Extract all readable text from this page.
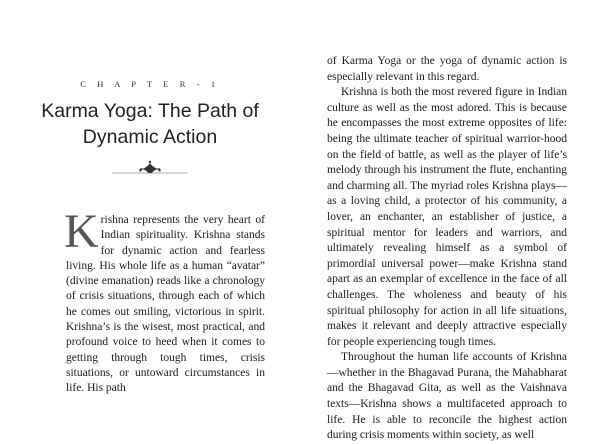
C H A P T E R - 1
Karma Yoga: The Path of
Dynamic Action
K rishna represents the very heart of Indian spirituality. Krishna stands for dynamic action and fearless living. His whole life as a human “avatar” (divine emanation) reads like a chronology of crisis situations, through each of which he comes out smiling, victorious in spirit. Krishna’s is the wisest, most practical, and profound voice to heed when it comes to getting through tough times, crisis situations, or untoward circumstances in life. His path

of Karma Yoga or the yoga of dynamic action is especially relevant in this regard.

Krishna is both the most revered figure in Indian culture as well as the most adored. This is because he encompasses the most extreme opposites of life: being the ultimate teacher of spiritual warrior-hood on the field of battle, as well as the player of life’s melody through his instrument the flute, enchanting and charming all. The myriad roles Krishna plays—as a loving child, a protector of his community, a lover, an enchanter, an establisher of justice, a spiritual mentor for leaders and warriors, and ultimately revealing himself as a symbol of primordial universal power—make Krishna stand apart as an exemplar of excellence in the face of all challenges. The wholeness and beauty of his spiritual philosophy for action in all life situations, makes it relevant and deeply attractive especially for people experiencing tough times.

Throughout the human life accounts of Krishna—whether in the Bhagavad Purana, the Mahabharat and the Bhagavad Gita, as well as the Vaishnava texts—Krishna shows a multifaceted approach to life. He is able to reconcile the highest action during crisis moments within society, as well
